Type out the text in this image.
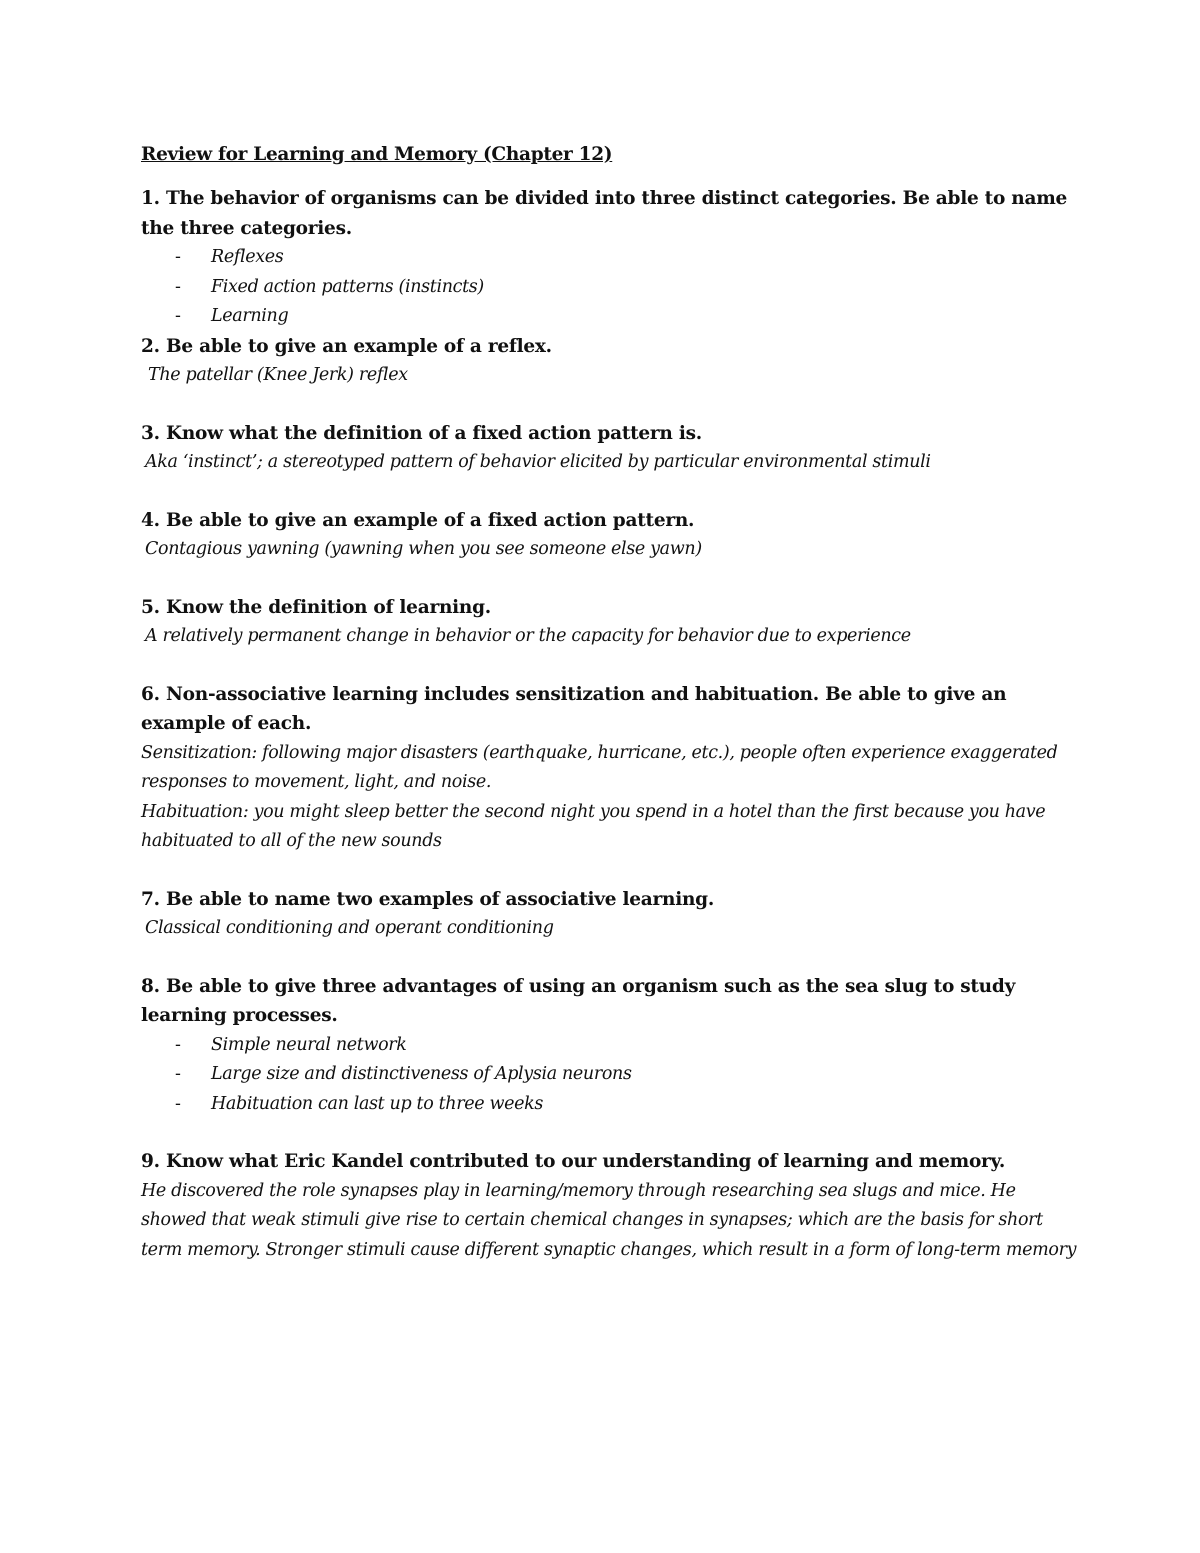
Review for Learning and Memory (Chapter 12)

1. The behavior of organisms can be divided into three distinct categories. Be able to name the three categories.

- Reflexes
- Fixed action patterns (instincts)
- Learning

2. Be able to give an example of a reflex.

The patellar (Knee Jerk) reflex

3. Know what the definition of a fixed action pattern is.

Aka ‘instinct’; a stereotyped pattern of behavior elicited by particular environmental stimuli

4. Be able to give an example of a fixed action pattern.

Contagious yawning (yawning when you see someone else yawn)

5. Know the definition of learning.

A relatively permanent change in behavior or the capacity for behavior due to experience

6. Non-associative learning includes sensitization and habituation. Be able to give an example of each.

Sensitization: following major disasters (earthquake, hurricane, etc.), people often experience exaggerated responses to movement, light, and noise.

Habituation: you might sleep better the second night you spend in a hotel than the first because you have habituated to all of the new sounds

7. Be able to name two examples of associative learning.

Classical conditioning and operant conditioning

8. Be able to give three advantages of using an organism such as the sea slug to study learning processes.

- Simple neural network
- Large size and distinctiveness of Aplysia neurons
- Habituation can last up to three weeks

9. Know what Eric Kandel contributed to our understanding of learning and memory.

He discovered the role synapses play in learning/memory through researching sea slugs and mice. He showed that weak stimuli give rise to certain chemical changes in synapses; which are the basis for short term memory. Stronger stimuli cause different synaptic changes, which result in a form of long-term memory
